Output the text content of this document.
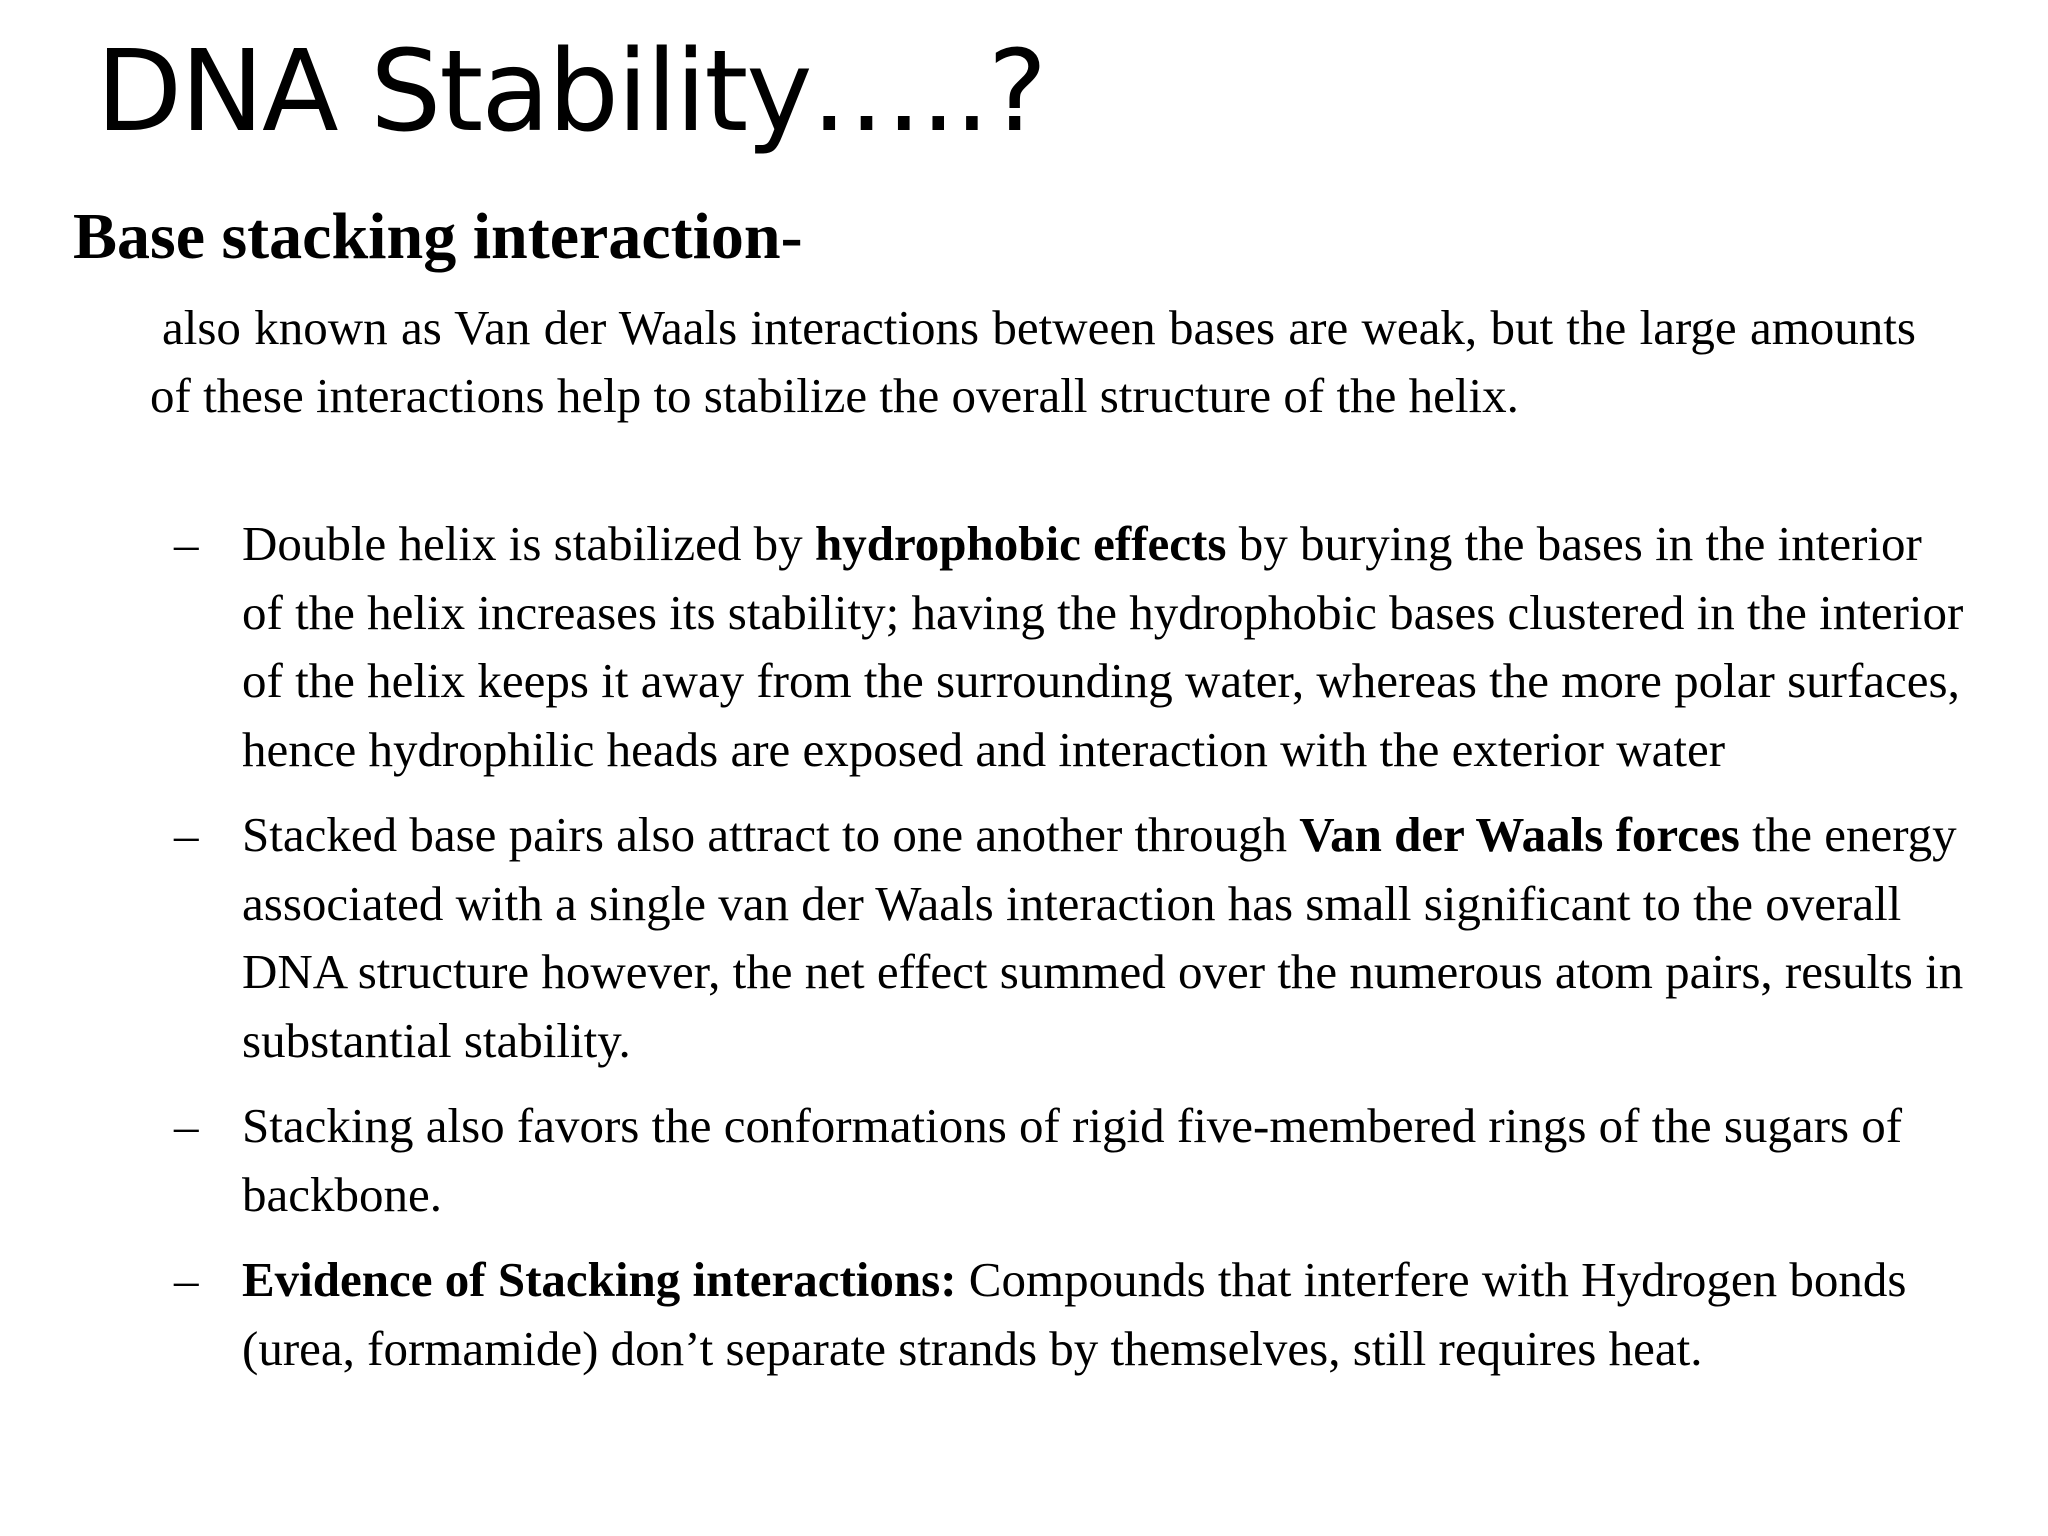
DNA Stability…..?
Base stacking interaction-
also known as Van der Waals interactions between bases are weak, but the large amounts of these interactions help to stabilize the overall structure of the helix.
– Double helix is stabilized by hydrophobic effects by burying the bases in the interior of the helix increases its stability; having the hydrophobic bases clustered in the interior of the helix keeps it away from the surrounding water, whereas the more polar surfaces, hence hydrophilic heads are exposed and interaction with the exterior water
– Stacked base pairs also attract to one another through Van der Waals forces the energy associated with a single van der Waals interaction has small significant to the overall DNA structure however, the net effect summed over the numerous atom pairs, results in substantial stability.
– Stacking also favors the conformations of rigid five-membered rings of the sugars of backbone.
– Evidence of Stacking interactions: Compounds that interfere with Hydrogen bonds (urea, formamide) don’t separate strands by themselves, still requires heat.
